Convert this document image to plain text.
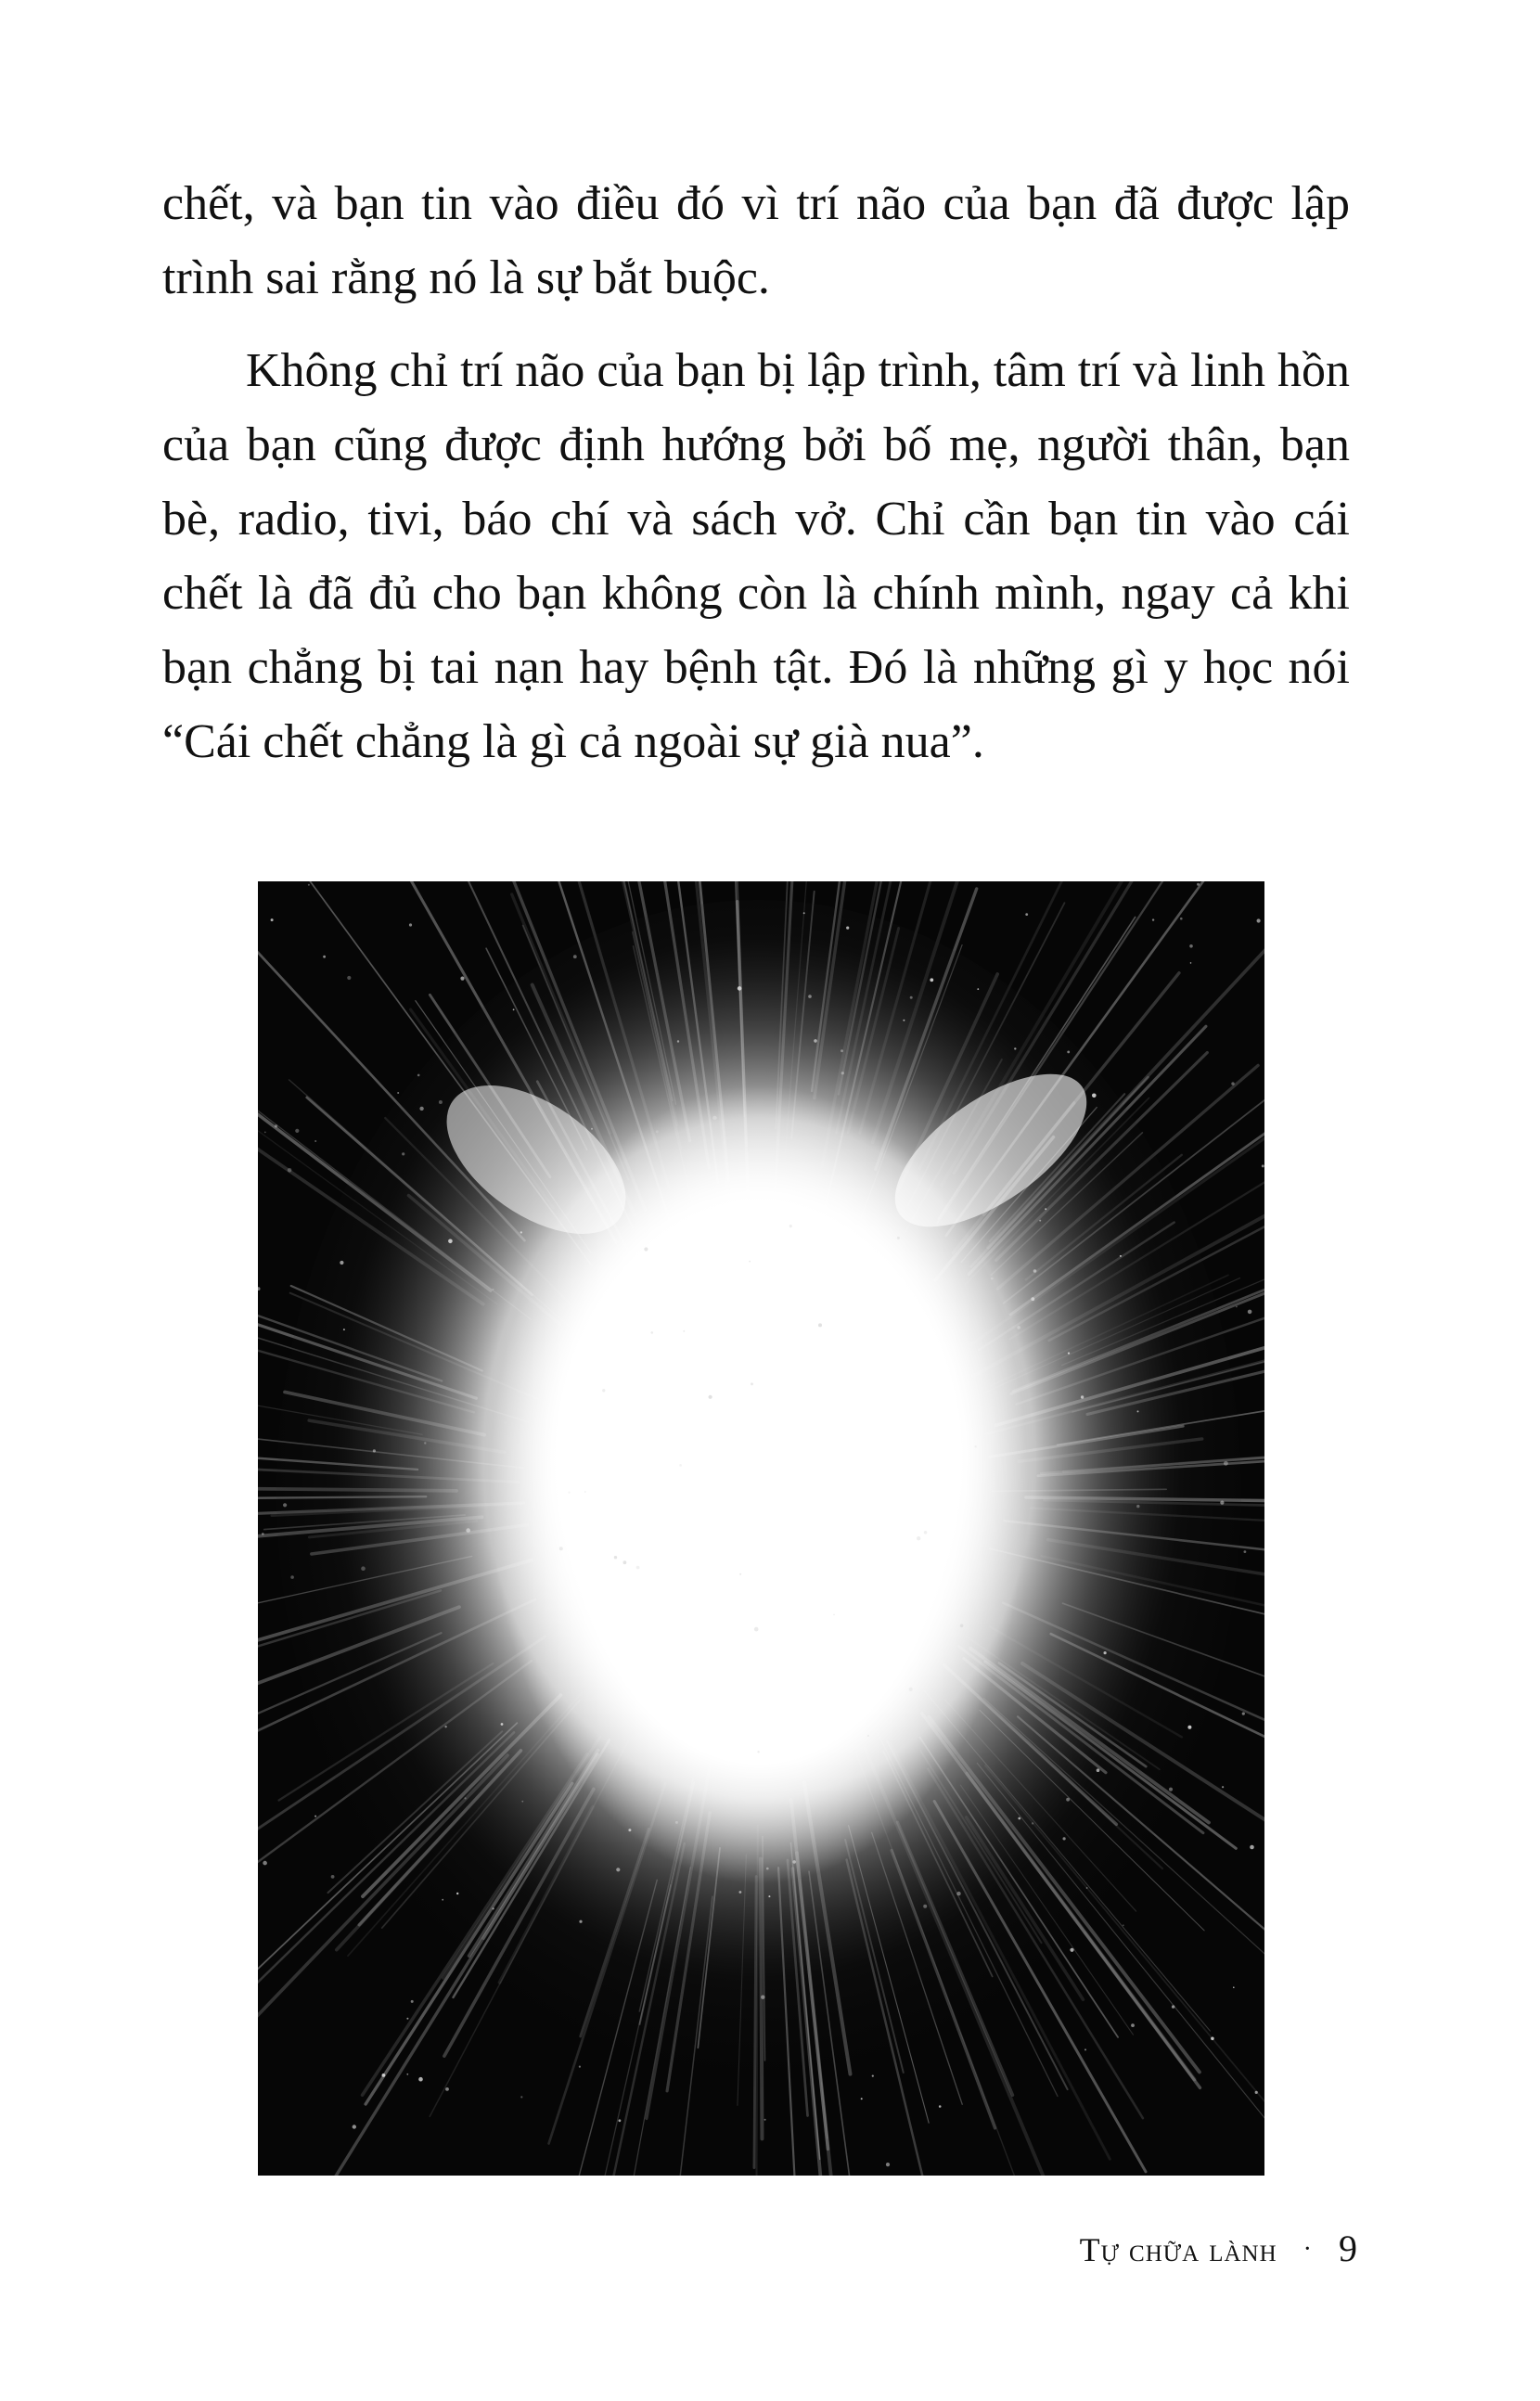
chết, và bạn tin vào điều đó vì trí não của bạn đã được lập trình sai rằng nó là sự bắt buộc.

Không chỉ trí não của bạn bị lập trình, tâm trí và linh hồn của bạn cũng được định hướng bởi bố mẹ, người thân, bạn bè, radio, tivi, báo chí và sách vở. Chỉ cần bạn tin vào cái chết là đã đủ cho bạn không còn là chính mình, ngay cả khi bạn chẳng bị tai nạn hay bệnh tật. Đó là những gì y học nói “Cái chết chẳng là gì cả ngoài sự già nua”.

Tự chữa lành · 9
